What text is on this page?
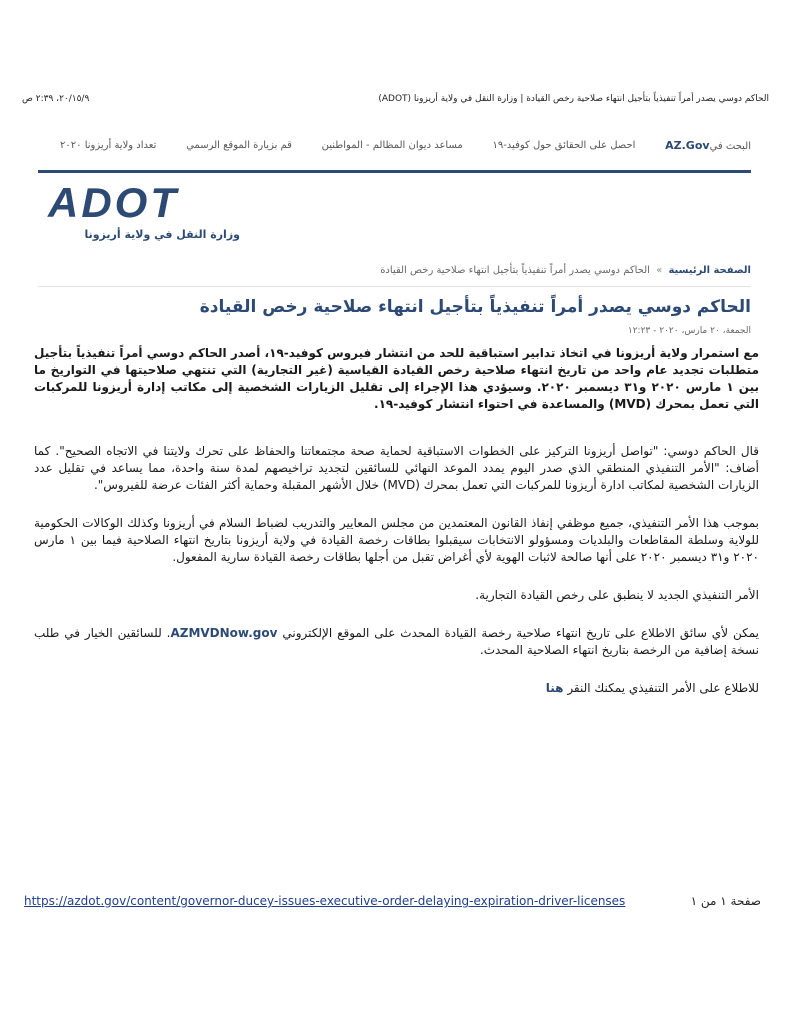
٢٠/١٥/٩، ٢:٣٩ ص	الحاكم دوسي يصدر أمراً تنفيذياً بتأجيل انتهاء صلاحية رخص القيادة | وزارة النقل في ولاية أريزونا (ADOT)
البحث فيAZ.Gov
احصل على الحقائق حول كوفيد-١٩
مساعد ديوان المظالم - المواطنين
قم بزيارة الموقع الرسمي
تعداد ولاية أريزونا ٢٠٢٠
ADOT
وزارة النقل في ولاية أريزونا
الصفحة الرئيسية » الحاكم دوسي يصدر أمراً تنفيذياً بتأجيل انتهاء صلاحية رخص القيادة
الحاكم دوسي يصدر أمراً تنفيذياً بتأجيل انتهاء صلاحية رخص القيادة
الجمعة، ٢٠ مارس، ٢٠٢٠ - ١٢:٢٣

مع استمرار ولاية أريزونا في اتخاذ تدابير استباقية للحد من انتشار فيروس كوفيد-١٩، أصدر الحاكم دوسي أمراً تنفيذياً بتأجيل متطلبات تجديد عام واحد من تاريخ انتهاء صلاحية رخص القيادة القياسية (غير التجارية) التي تنتهي صلاحيتها في التواريخ ما بين ١ مارس ٢٠٢٠ و٣١ ديسمبر ٢٠٢٠. وسيؤدي هذا الإجراء إلى تقليل الزيارات الشخصية إلى مكاتب إدارة أريزونا للمركبات التي تعمل بمحرك (MVD) والمساعدة في احتواء انتشار كوفيد-١٩.

قال الحاكم دوسي: "تواصل أريزونا التركيز على الخطوات الاستباقية لحماية صحة مجتمعاتنا والحفاظ على تحرك ولايتنا في الاتجاه الصحيح". كما أضاف: "الأمر التنفيذي المنطقي الذي صدر اليوم يمدد الموعد النهائي للسائقين لتجديد تراخيصهم لمدة سنة واحدة، مما يساعد في تقليل عدد الزيارات الشخصية لمكاتب ادارة أريزونا للمركبات التي تعمل بمحرك (MVD) خلال الأشهر المقبلة وحماية أكثر الفئات عرضة للفيروس".

بموجب هذا الأمر التنفيذي، جميع موظفي إنفاذ القانون المعتمدين من مجلس المعايير والتدريب لضباط السلام في أريزونا وكذلك الوكالات الحكومية للولاية وسلطة المقاطعات والبلديات ومسؤولو الانتخابات سيقبلوا بطاقات رخصة القيادة في ولاية أريزونا بتاريخ انتهاء الصلاحية فيما بين ١ مارس ٢٠٢٠ و٣١ ديسمبر ٢٠٢٠ على أنها صالحة لاثبات الهوية لأي أغراض تقبل من أجلها بطاقات رخصة القيادة سارية المفعول.

الأمر التنفيذي الجديد لا ينطبق على رخص القيادة التجارية.

يمكن لأي سائق الاطلاع على تاريخ انتهاء صلاحية رخصة القيادة المحدث على الموقع الإلكتروني AZMVDNow.gov. للسائقين الخيار في طلب نسخة إضافية من الرخصة بتاريخ انتهاء الصلاحية المحدث.

للاطلاع على الأمر التنفيذي يمكنك النقر هنا

https://azdot.gov/content/governor-ducey-issues-executive-order-delaying-expiration-driver-licenses	صفحة ١ من ١
